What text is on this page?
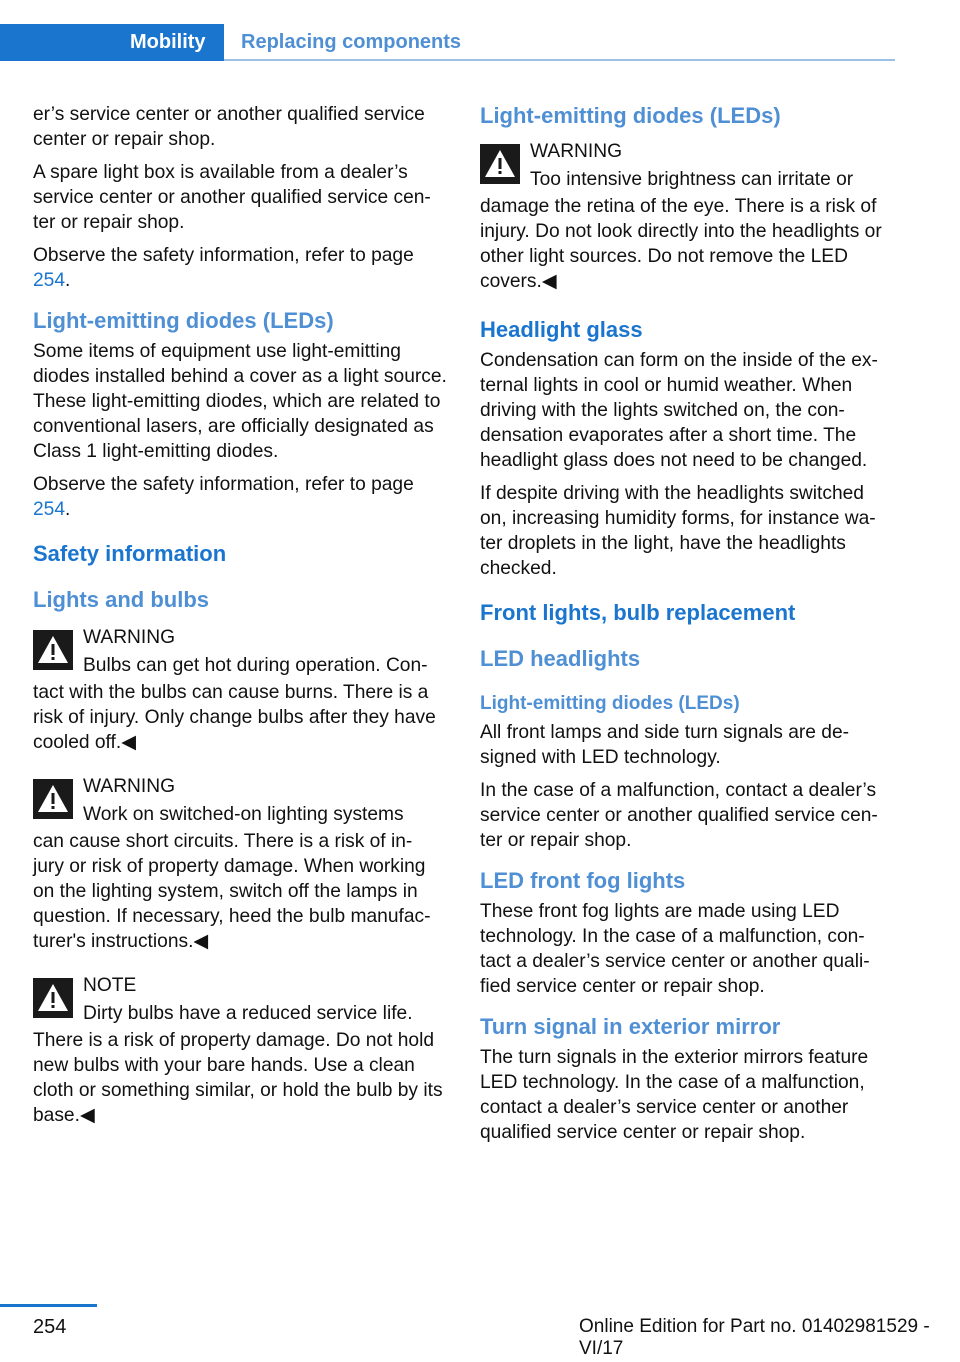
Mobility	Replacing components

er’s service center or another qualified service center or repair shop.

A spare light box is available from a dealer’s service center or another qualified service cen‐ ter or repair shop.

Observe the safety information, refer to page 254.

Light-emitting diodes (LEDs)

Some items of equipment use light-emitting diodes installed behind a cover as a light source. These light-emitting diodes, which are related to conventional lasers, are officially designated as Class 1 light-emitting diodes.

Observe the safety information, refer to page 254.

Safety information
Lights and bulbs
WARNING
Bulbs can get hot during operation. Con‐
tact with the bulbs can cause burns. There is a risk of injury. Only change bulbs after they have cooled off.◀
WARNING
Work on switched-on lighting systems
can cause short circuits. There is a risk of in‐ jury or risk of property damage. When working on the lighting system, switch off the lamps in question. If necessary, heed the bulb manufac‐ turer's instructions.◀
NOTE
Dirty bulbs have a reduced service life.
There is a risk of property damage. Do not hold new bulbs with your bare hands. Use a clean cloth or something similar, or hold the bulb by its base.◀
Light-emitting diodes (LEDs)
WARNING
Too intensive brightness can irritate or
damage the retina of the eye. There is a risk of injury. Do not look directly into the headlights or other light sources. Do not remove the LED covers.◀
Headlight glass

Condensation can form on the inside of the ex‐ ternal lights in cool or humid weather. When driving with the lights switched on, the con‐ densation evaporates after a short time. The headlight glass does not need to be changed.

If despite driving with the headlights switched on, increasing humidity forms, for instance wa‐ ter droplets in the light, have the headlights checked.

Front lights, bulb replacement
LED headlights
Light-emitting diodes (LEDs)

All front lamps and side turn signals are de‐ signed with LED technology.

In the case of a malfunction, contact a dealer’s service center or another qualified service cen‐ ter or repair shop.

LED front fog lights

These front fog lights are made using LED technology. In the case of a malfunction, con‐ tact a dealer’s service center or another quali‐ fied service center or repair shop.

Turn signal in exterior mirror

The turn signals in the exterior mirrors feature LED technology. In the case of a malfunction, contact a dealer’s service center or another qualified service center or repair shop.

254	Online Edition for Part no. 01402981529 - VI/17
